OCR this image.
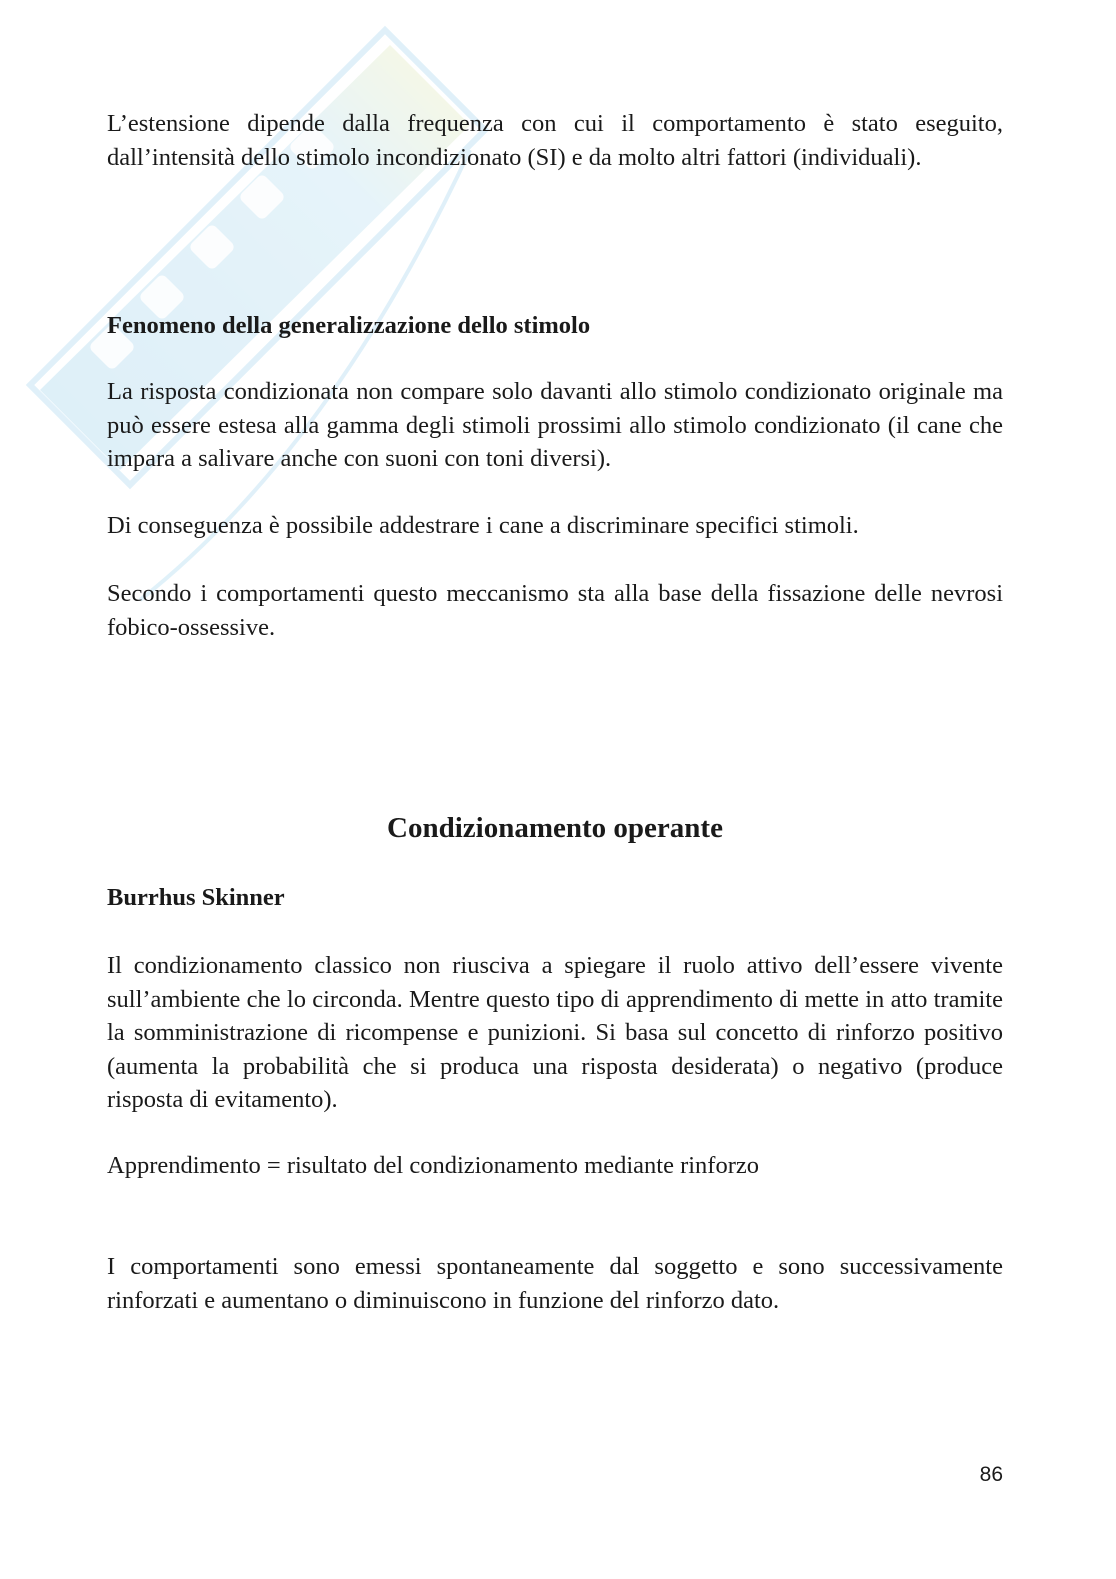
L’estensione dipende dalla frequenza con cui il comportamento è stato eseguito, dall’intensità dello stimolo incondizionato (SI) e da molto altri fattori (individuali).

Fenomeno della generalizzazione dello stimolo

La risposta condizionata non compare solo davanti allo stimolo condizionato originale ma può essere estesa alla gamma degli stimoli prossimi allo stimolo condizionato (il cane che impara a salivare anche con suoni con toni diversi).

Di conseguenza è possibile addestrare i cane a discriminare specifici stimoli.

Secondo i comportamenti questo meccanismo sta alla base della fissazione delle nevrosi fobico-ossessive.

Condizionamento operante

Burrhus Skinner

Il condizionamento classico non riusciva a spiegare il ruolo attivo dell’essere vivente sull’ambiente che lo circonda. Mentre questo tipo di apprendimento di mette in atto tramite la somministrazione di ricompense e punizioni. Si basa sul concetto di rinforzo positivo (aumenta la probabilità che si produca una risposta desiderata) o negativo (produce risposta di evitamento).

Apprendimento = risultato del condizionamento mediante rinforzo

I comportamenti sono emessi spontaneamente dal soggetto e sono successivamente rinforzati e aumentano o diminuiscono in funzione del rinforzo dato.

86
